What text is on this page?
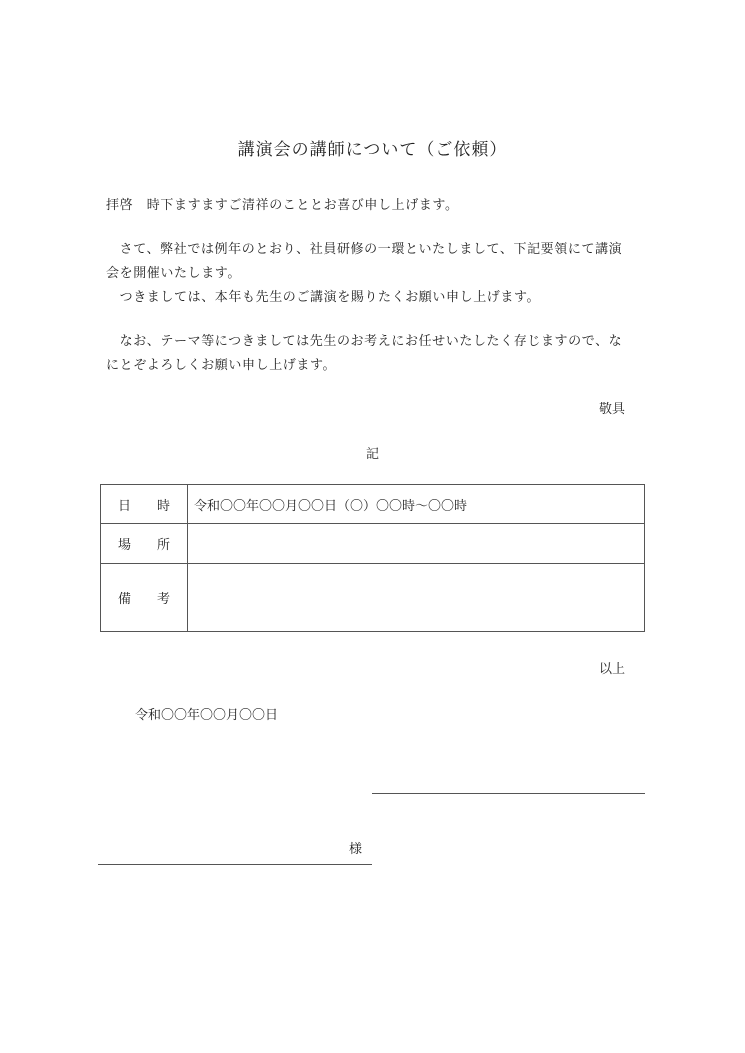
講演会の講師について（ご依頼）
拝啓　時下ますますご清祥のこととお喜び申し上げます。
　さて、弊社では例年のとおり、社員研修の一環といたしまして、下記要領にて講演
会を開催いたします。
　つきましては、本年も先生のご講演を賜りたくお願い申し上げます。
　なお、テーマ等につきましては先生のお考えにお任せいたしたく存じますので、な
にとぞよろしくお願い申し上げます。
敬具
記
日時	令和〇〇年〇〇月〇〇日（〇）〇〇時～〇〇時
場所	
備考	
以上
令和〇〇年〇〇月〇〇日
様
